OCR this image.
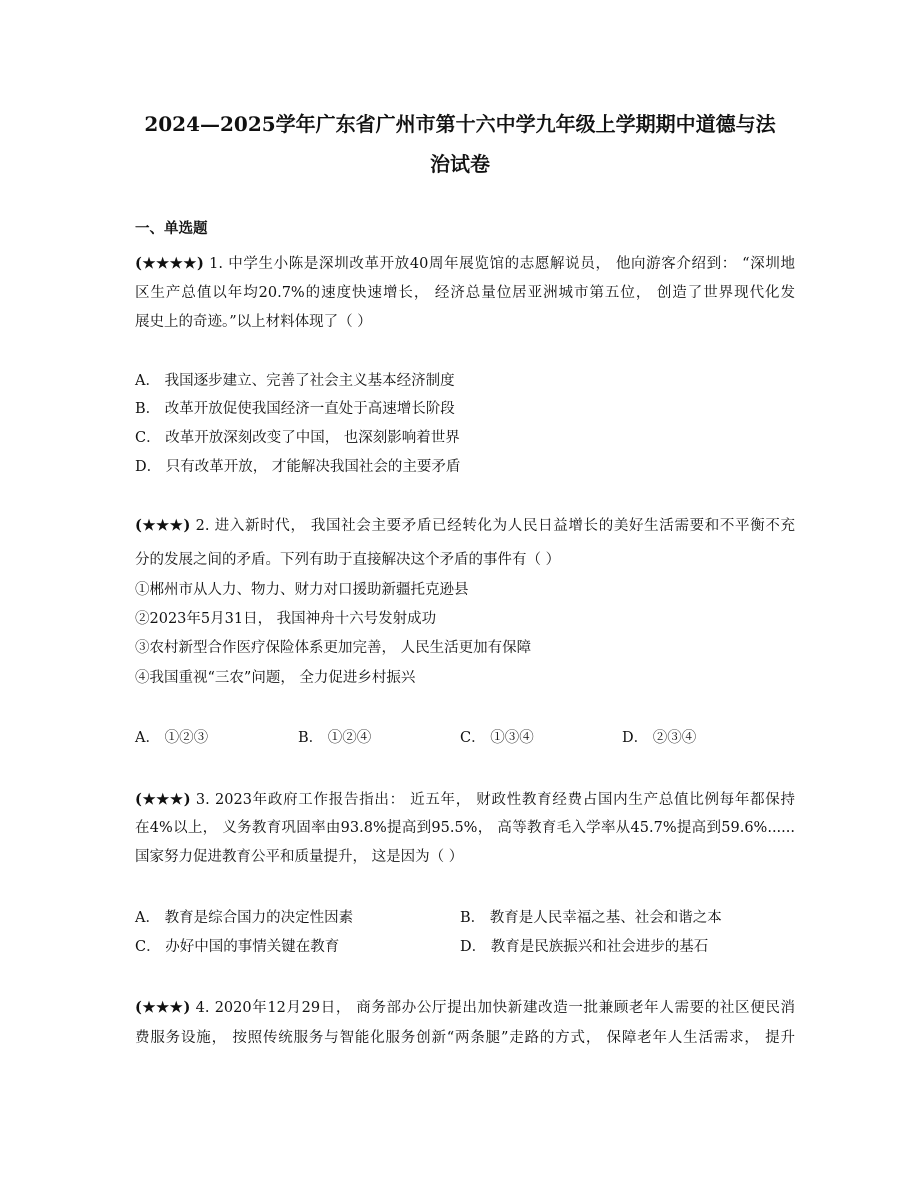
2024—2025学年广东省广州市第十六中学九年级上学期期中道德与法
治试卷
一、单选题
(★★★★) 1. 中学生小陈是深圳改革开放40周年展览馆的志愿解说员， 他向游客介绍到： “深圳地
区生产总值以年均20.7%的速度快速增长， 经济总量位居亚洲城市第五位， 创造了世界现代化发
展史上的奇迹。”以上材料体现了（ ）
A． 我国逐步建立、完善了社会主义基本经济制度
B． 改革开放促使我国经济一直处于高速增长阶段
C． 改革开放深刻改变了中国， 也深刻影响着世界
D． 只有改革开放， 才能解决我国社会的主要矛盾
(★★★) 2. 进入新时代， 我国社会主要矛盾已经转化为人民日益增长的美好生活需要和不平衡不充
分的发展之间的矛盾。下列有助于直接解决这个矛盾的事件有（ ）
①郴州市从人力、物力、财力对口援助新疆托克逊县
②2023年5月31日， 我国神舟十六号发射成功
③农村新型合作医疗保险体系更加完善， 人民生活更加有保障
④我国重视“三农”问题， 全力促进乡村振兴
A． ①②③	B． ①②④	C． ①③④	D． ②③④
(★★★) 3. 2023年政府工作报告指出： 近五年， 财政性教育经费占国内生产总值比例每年都保持
在4%以上， 义务教育巩固率由93.8%提高到95.5%， 高等教育毛入学率从45.7%提高到59.6%......
国家努力促进教育公平和质量提升， 这是因为（ ）
A． 教育是综合国力的决定性因素	B． 教育是人民幸福之基、社会和谐之本
C． 办好中国的事情关键在教育	D． 教育是民族振兴和社会进步的基石
(★★★) 4. 2020年12月29日， 商务部办公厅提出加快新建改造一批兼顾老年人需要的社区便民消
费服务设施， 按照传统服务与智能化服务创新“两条腿”走路的方式， 保障老年人生活需求， 提升
